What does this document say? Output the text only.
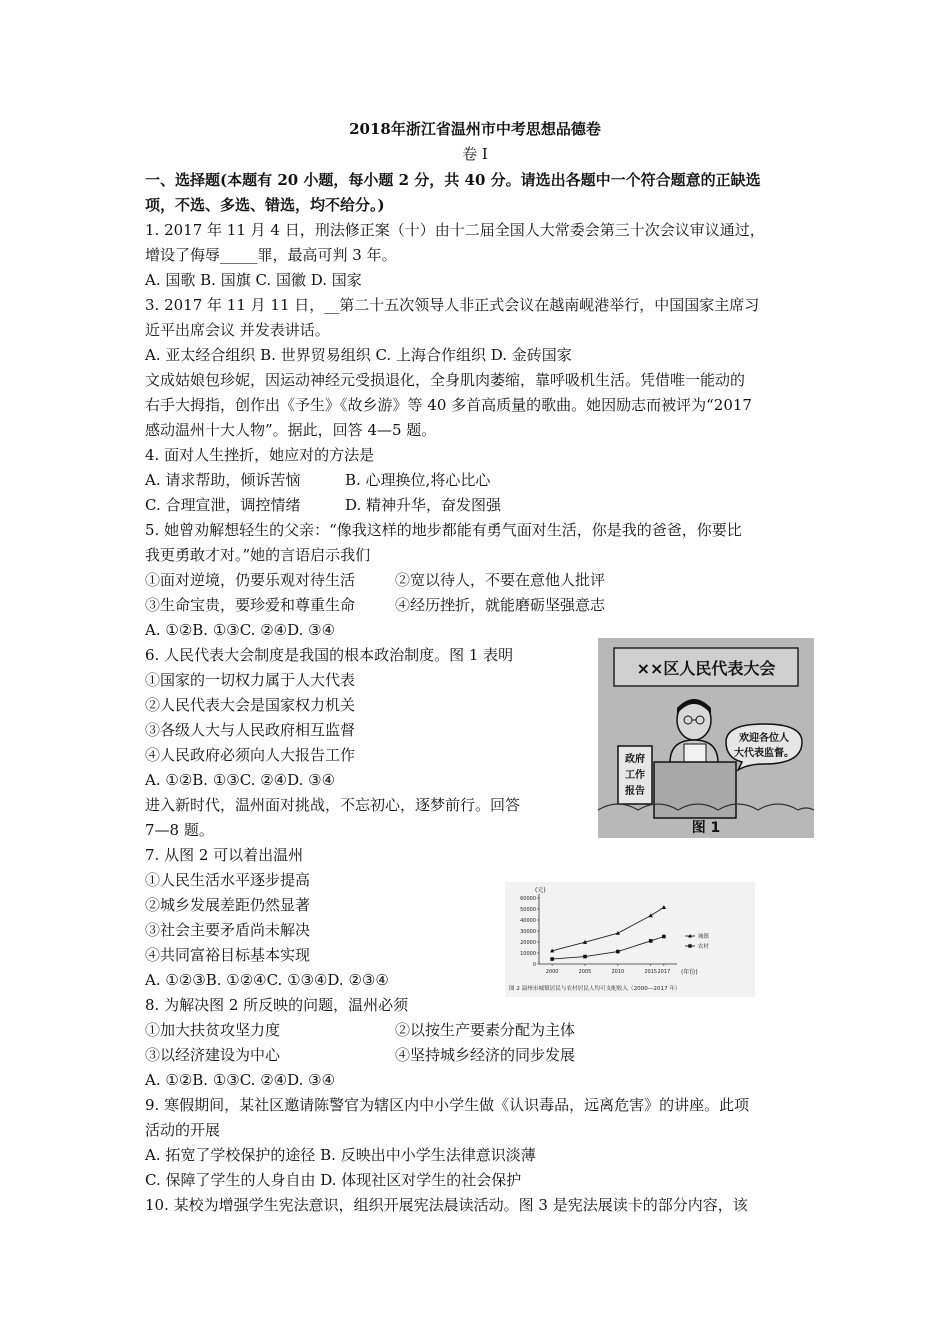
2018年浙江省温州市中考思想品德卷
卷 I

一、选择题(本题有 20 小题，每小题 2 分，共 40 分。请选出各题中一个符合题意的正缺选

项，不选、多选、错选，均不给分。)

1. 2017 年 11 月 4 日，刑法修正案（十）由十二届全国人大常委会第三十次会议审议通过，

增设了侮辱_____罪，最高可判 3 年。

A. 国歌 B. 国旗 C. 国徽 D. 国家

3. 2017 年 11 月 11 日，__第二十五次领导人非正式会议在越南岘港举行，中国国家主席习

近平出席会议 并发表讲话。

A. 亚太经合组织 B. 世界贸易组织 C. 上海合作组织 D. 金砖国家

文成姑娘包珍妮，因运动神经元受损退化，全身肌肉萎缩，靠呼吸机生活。凭借唯一能动的

右手大拇指，创作出《予生》《故乡游》等 40 多首高质量的歌曲。她因励志而被评为“2017

感动温州十大人物”。据此，回答 4—5 题。

4. 面对人生挫折，她应对的方法是

A. 请求帮助，倾诉苦恼	B. 心理换位,将心比心

C. 合理宣泄，调控情绪	D. 精神升华，奋发图强

5. 她曾劝解想轻生的父亲：“像我这样的地步都能有勇气面对生活，你是我的爸爸，你要比

我更勇敢才对。”她的言语启示我们

①面对逆境，仍要乐观对待生活	②宽以待人，不要在意他人批评

③生命宝贵，要珍爱和尊重生命	④经历挫折，就能磨砺坚强意志

A. ①②B. ①③C. ②④D. ③④

6. 人民代表大会制度是我国的根本政治制度。图 1 表明

①国家的一切权力属于人大代表

②人民代表大会是国家权力机关

③各级人大与人民政府相互监督

④人民政府必须向人大报告工作

A. ①②B. ①③C. ②④D. ③④

进入新时代，温州面对挑战，不忘初心，逐梦前行。回答

7—8 题。

7. 从图 2 可以着出温州

①人民生活水平逐步提高

②城乡发展差距仍然显著

③社会主要矛盾尚未解决

④共同富裕目标基本实现

A. ①②③B. ①②④C. ①③④D. ②③④

8. 为解决图 2 所反映的问题，温州必须

①加大扶贫攻坚力度	②以按生产要素分配为主体

③以经济建设为中心	④坚持城乡经济的同步发展

A. ①②B. ①③C. ②④D. ③④

9. 寒假期间，某社区邀请陈警官为辖区内中小学生做《认识毒品，远离危害》的讲座。此项

活动的开展

A. 拓宽了学校保护的途径 B. 反映出中小学生法律意识淡薄

C. 保障了学生的人身自由 D. 体现社区对学生的社会保护

10. 某校为增强学生宪法意识，组织开展宪法晨读活动。图 3 是宪法展读卡的部分内容，该

××区人民代表大会
政府
工作
报告
欢迎各位人
大代表监督。
图 1
(元)
(年份)
图 2 温州市城镇居民与农村居民人均可支配收入（2000—2017 年）
0
10000
20000
30000
40000
50000
60000
2000	2005	2010	2015 2017
城镇
农村
